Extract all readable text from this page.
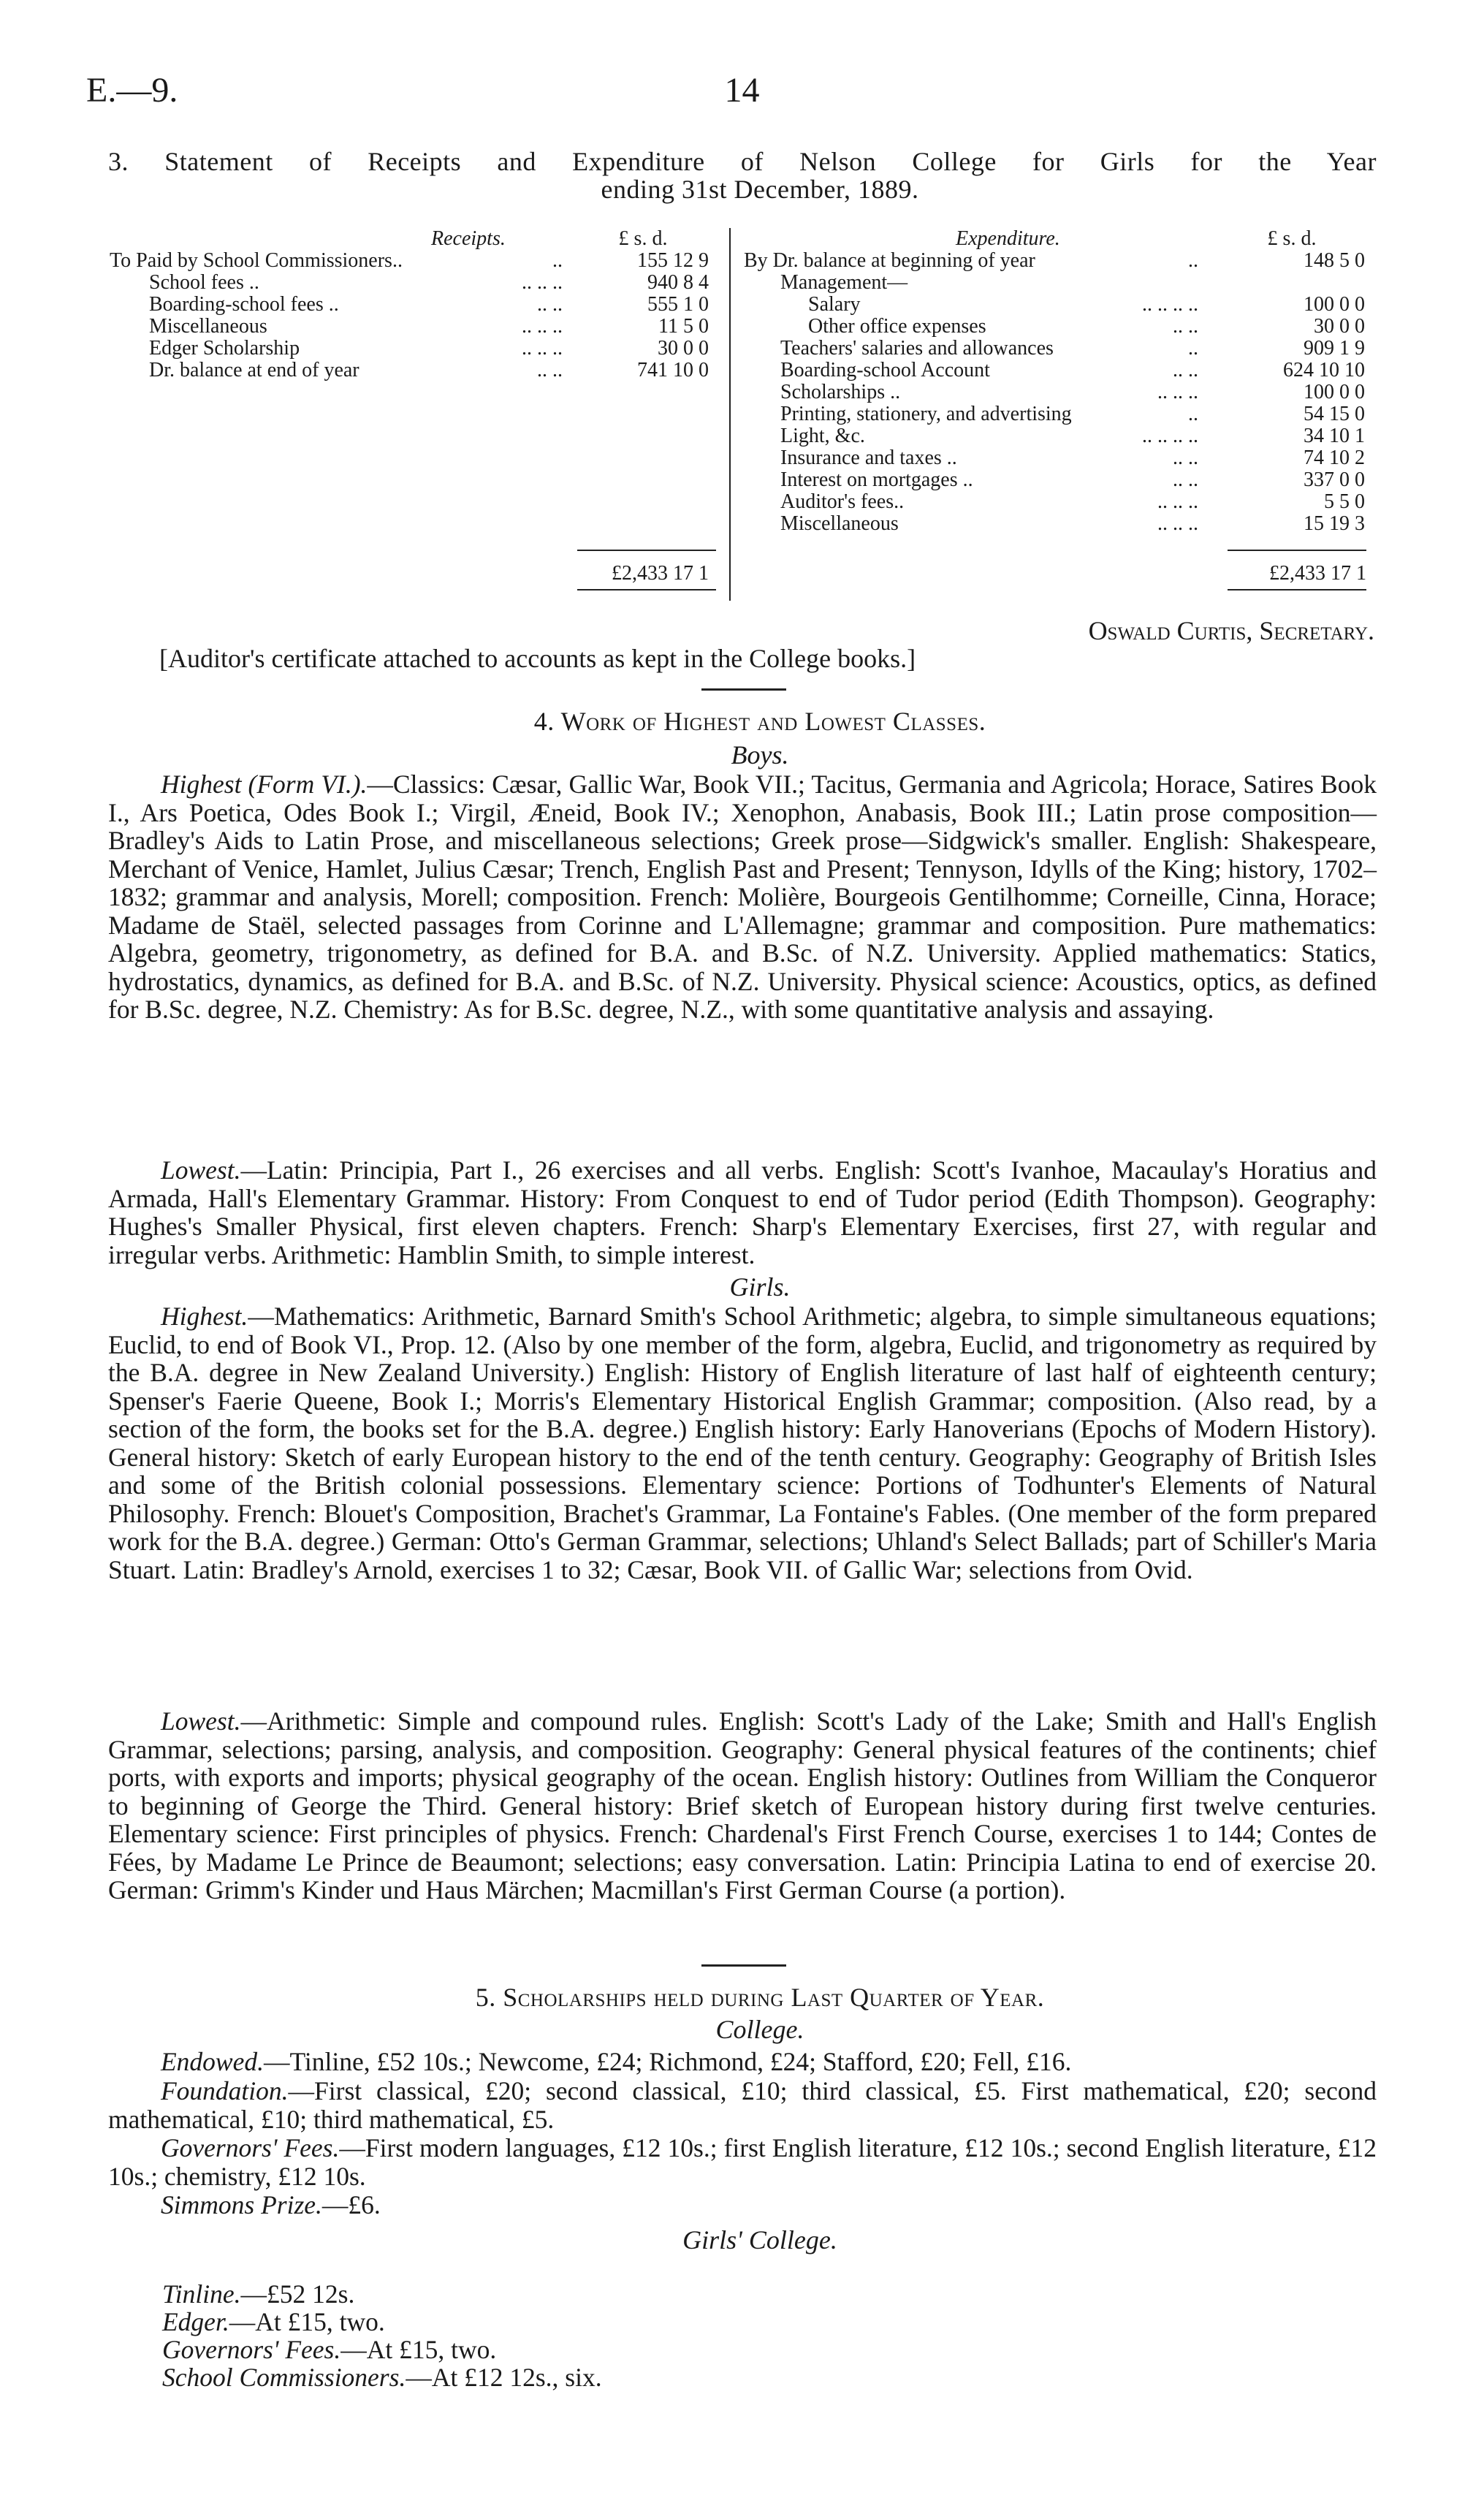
E.—9.	14
3. Statement of Receipts and Expenditure of Nelson College for Girls for the Year
ending 31st December, 1889.
Receipts.	£ s. d.
To Paid by School Commissioners..	..	155 12 9
School fees ..	.. .. ..	940 8 4
Boarding-school fees ..	.. ..	555 1 0
Miscellaneous	.. .. ..	11 5 0
Edger Scholarship	.. .. ..	30 0 0
Dr. balance at end of year	.. ..	741 10 0
Expenditure.	£ s. d.
By Dr. balance at beginning of year	..	148 5 0
Management—
Salary	.. .. .. ..	100 0 0
Other office expenses	.. ..	30 0 0
Teachers' salaries and allowances	..	909 1 9
Boarding-school Account	.. ..	624 10 10
Scholarships ..	.. .. ..	100 0 0
Printing, stationery, and advertising	..	54 15 0
Light, &c.	.. .. .. ..	34 10 1
Insurance and taxes ..	.. ..	74 10 2
Interest on mortgages ..	.. ..	337 0 0
Auditor's fees..	.. .. ..	5 5 0
Miscellaneous	.. .. ..	15 19 3
£2,433 17 1	£2,433 17 1
Oswald Curtis, Secretary.
[Auditor's certificate attached to accounts as kept in the College books.]
4. Work of Highest and Lowest Classes.
Boys.
Highest (Form VI.).—Classics: Cæsar, Gallic War, Book VII.; Tacitus, Germania and Agricola; Horace, Satires Book I., Ars Poetica, Odes Book I.; Virgil, Æneid, Book IV.; Xenophon, Anabasis, Book III.; Latin prose composition—Bradley's Aids to Latin Prose, and miscellaneous selections; Greek prose—Sidgwick's smaller. English: Shakespeare, Merchant of Venice, Hamlet, Julius Cæsar; Trench, English Past and Present; Tennyson, Idylls of the King; history, 1702–1832; grammar and analysis, Morell; composition. French: Molière, Bourgeois Gentilhomme; Corneille, Cinna, Horace; Madame de Staël, selected passages from Corinne and L'Allemagne; grammar and composition. Pure mathematics: Algebra, geometry, trigonometry, as defined for B.A. and B.Sc. of N.Z. University. Applied mathematics: Statics, hydrostatics, dynamics, as defined for B.A. and B.Sc. of N.Z. University. Physical science: Acoustics, optics, as defined for B.Sc. degree, N.Z. Chemistry: As for B.Sc. degree, N.Z., with some quantitative analysis and assaying.
Lowest.—Latin: Principia, Part I., 26 exercises and all verbs. English: Scott's Ivanhoe, Macaulay's Horatius and Armada, Hall's Elementary Grammar. History: From Conquest to end of Tudor period (Edith Thompson). Geography: Hughes's Smaller Physical, first eleven chapters. French: Sharp's Elementary Exercises, first 27, with regular and irregular verbs. Arithmetic: Hamblin Smith, to simple interest.
Girls.
Highest.—Mathematics: Arithmetic, Barnard Smith's School Arithmetic; algebra, to simple simultaneous equations; Euclid, to end of Book VI., Prop. 12. (Also by one member of the form, algebra, Euclid, and trigonometry as required by the B.A. degree in New Zealand University.) English: History of English literature of last half of eighteenth century; Spenser's Faerie Queene, Book I.; Morris's Elementary Historical English Grammar; composition. (Also read, by a section of the form, the books set for the B.A. degree.) English history: Early Hanoverians (Epochs of Modern History). General history: Sketch of early European history to the end of the tenth century. Geography: Geography of British Isles and some of the British colonial possessions. Elementary science: Portions of Todhunter's Elements of Natural Philosophy. French: Blouet's Composition, Brachet's Grammar, La Fontaine's Fables. (One member of the form prepared work for the B.A. degree.) German: Otto's German Grammar, selections; Uhland's Select Ballads; part of Schiller's Maria Stuart. Latin: Bradley's Arnold, exercises 1 to 32; Cæsar, Book VII. of Gallic War; selections from Ovid.
Lowest.—Arithmetic: Simple and compound rules. English: Scott's Lady of the Lake; Smith and Hall's English Grammar, selections; parsing, analysis, and composition. Geography: General physical features of the continents; chief ports, with exports and imports; physical geography of the ocean. English history: Outlines from William the Conqueror to beginning of George the Third. General history: Brief sketch of European history during first twelve centuries. Elementary science: First principles of physics. French: Chardenal's First French Course, exercises 1 to 144; Contes de Fées, by Madame Le Prince de Beaumont; selections; easy conversation. Latin: Principia Latina to end of exercise 20. German: Grimm's Kinder und Haus Märchen; Macmillan's First German Course (a portion).
5. Scholarships held during Last Quarter of Year.
College.
Endowed.—Tinline, £52 10s.; Newcome, £24; Richmond, £24; Stafford, £20; Fell, £16.
Foundation.—First classical, £20; second classical, £10; third classical, £5. First mathematical, £20; second mathematical, £10; third mathematical, £5.
Governors' Fees.—First modern languages, £12 10s.; first English literature, £12 10s.; second English literature, £12 10s.; chemistry, £12 10s.
Simmons Prize.—£6.
Girls' College.
Tinline.—£52 12s.
Edger.—At £15, two.
Governors' Fees.—At £15, two.
School Commissioners.—At £12 12s., six.
